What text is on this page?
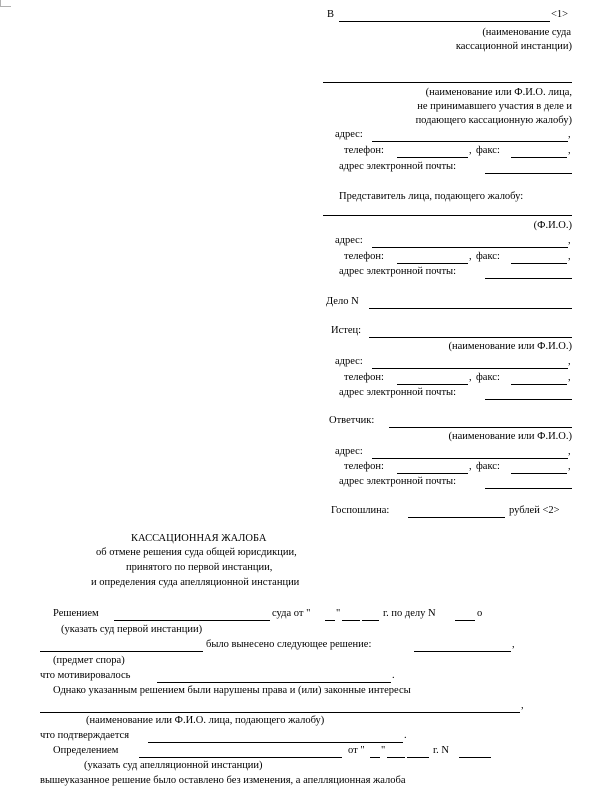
В	<1>
(наименование суда
кассационной инстанции)
(наименование или Ф.И.О. лица,
не принимавшего участия в деле и
подающего кассационную жалобу)
адрес:	,
телефон:	, факс:	,
адрес электронной почты:
Представитель лица, подающего жалобу:
(Ф.И.О.)
адрес:	,
телефон:	, факс:	,
адрес электронной почты:
Дело N
Истец:
(наименование или Ф.И.О.)
адрес:	,
телефон:	, факс:	,
адрес электронной почты:
Ответчик:
(наименование или Ф.И.О.)
адрес:	,
телефон:	, факс:	,
адрес электронной почты:
Госпошлина:	рублей <2>
КАССАЦИОННАЯ ЖАЛОБА
об отмене решения суда общей юрисдикции,
принятого по первой инстанции,
и определения суда апелляционной инстанции
Решением	суда от " "	г. по делу N	о
(указать суд первой инстанции)
было вынесено следующее решение:	,
(предмет спора)
что мотивировалось	.
Однако указанным решением были нарушены права и (или) законные интересы
,
(наименование или Ф.И.О. лица, подающего жалобу)
что подтверждается	.
Определением	от " "	г. N
(указать суд апелляционной инстанции)
вышеуказанное решение было оставлено без изменения, а апелляционная жалоба
